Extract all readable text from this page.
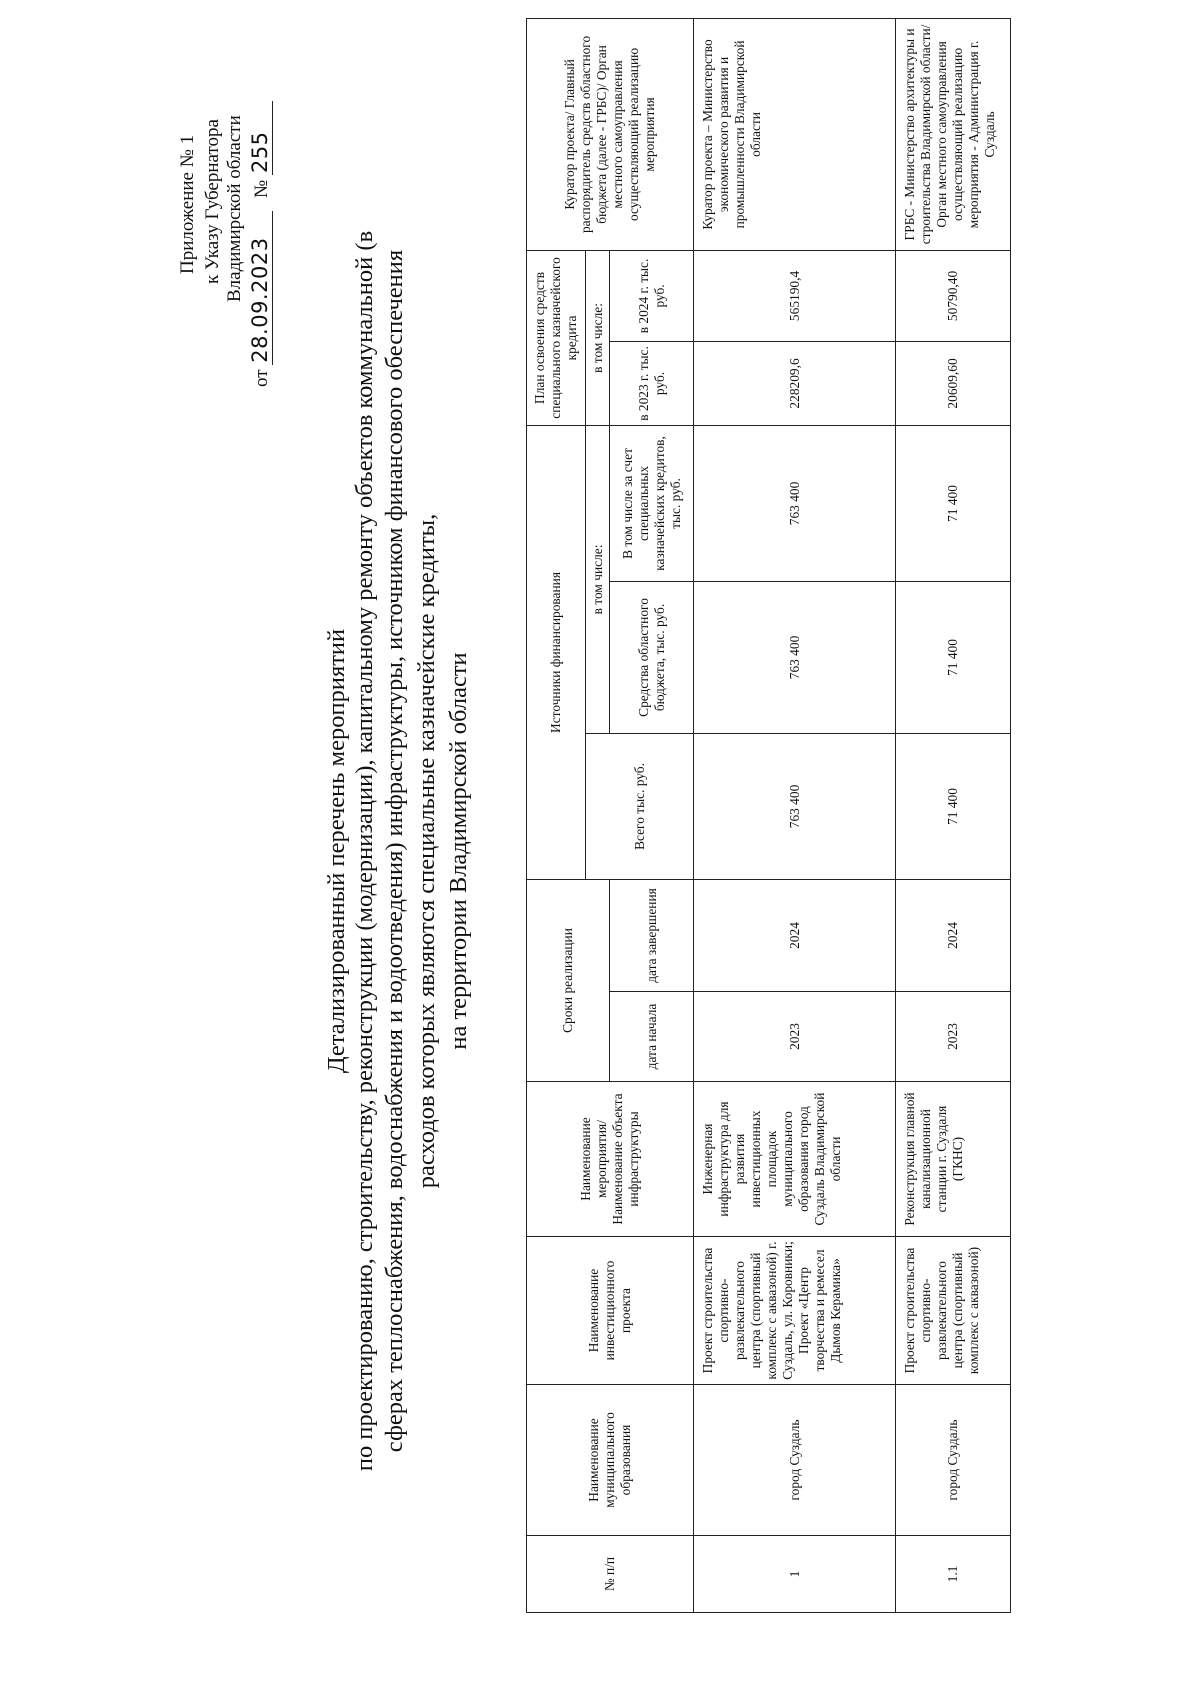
Приложение № 1 к Указу Губернатора Владимирской области
от 28.09.2023 № 255
Детализированный перечень мероприятий по проектированию, строительству, реконструкции (модернизации), капитальному ремонту объектов коммунальной (в сферах теплоснабжения, водоснабжения и водоотведения) инфраструктуры, источником финансового обеспечения расходов которых являются специальные казначейские кредиты, на территории Владимирской области
№ п/п	Наименование муниципального образования	Наименование инвестиционного проекта	Наименование мероприятия/ Наименование объекта инфраструктуры	Сроки реализации		Источники финансирования			План освоения средств специального казначейского кредита		Куратор проекта/ Главный распорядитель средств областного бюджета (далее - ГРБС)/ Орган местного самоуправления осуществляющий реализацию мероприятия
						Всего тыс. руб.	в том числе:		в том числе:		
				дата начала	дата завершения		Средства областного бюджета, тыс. руб.	В том числе за счет специальных казначейских кредитов, тыс. руб.	в 2023 г. тыс. руб.	в 2024 г. тыс. руб.	
1	город Суздаль	Проект строительства спортивно-развлекательного центра (спортивный комплекс с аквазоной) г. Суздаль, ул. Коровники; Проект «Центр творчества и ремесел Дымов Керамика»	Инженерная инфраструктура для развития инвестиционных площадок муниципального образования город Суздаль Владимирской области	2023	2024	763 400	763 400	763 400	228209,6	565190,4	Куратор проекта – Министерство экономического развития и промышленности Владимирской области
1.1	город Суздаль	Проект строительства спортивно-развлекательного центра (спортивный комплекс с аквазоной)	Реконструкция главной канализационной станции г. Суздаля (ГКНС)	2023	2024	71 400	71 400	71 400	20609,60	50790,40	ГРБС - Министерство архитектуры и строительства Владимирской области/ Орган местного самоуправления осуществляющий реализацию мероприятия - Администрация г. Суздаль
